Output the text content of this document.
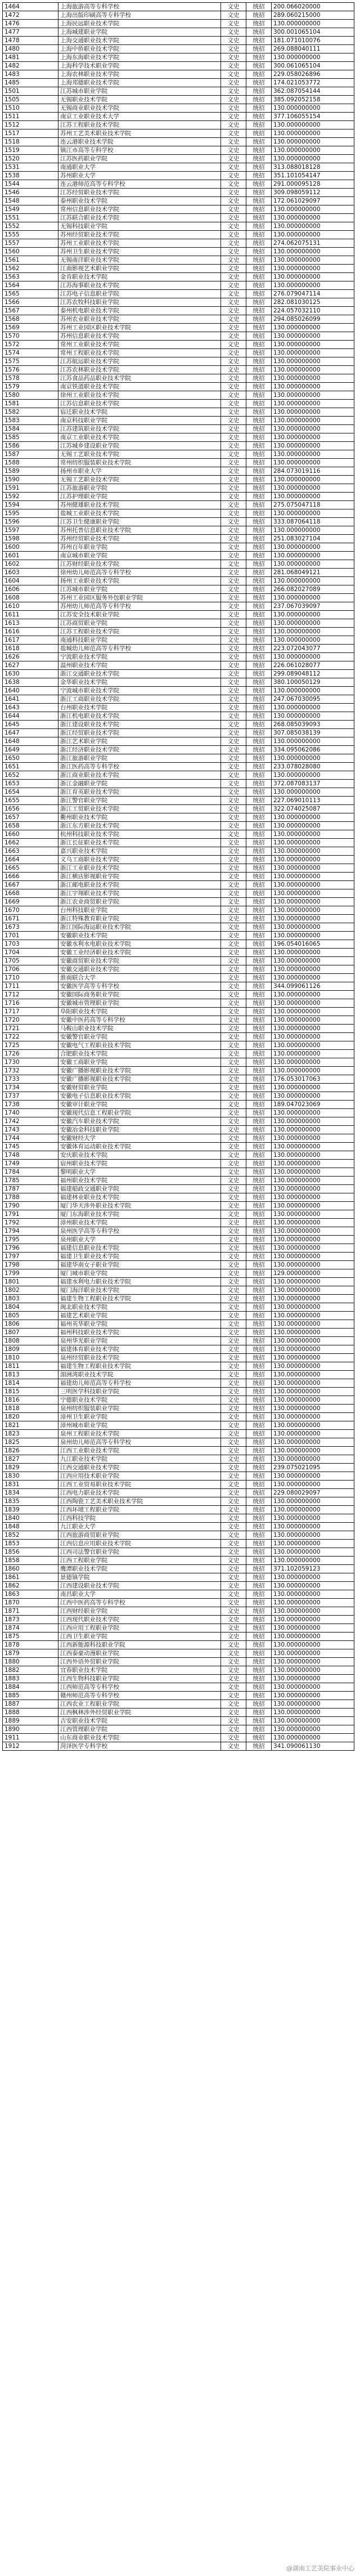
1464	上海旅游高等专科学校	文史	统招	200.066020000
1472	上海出版印刷高等专科学校	文史	统招	289.060215000
1476	上海民远职业技术学院	文史	统招	130.000000000
1477	上海城建职业学院	文史	统招	300.001065104
1478	上海交通职业技术学院	文史	统招	181.071010076
1480	上海中侨职业技术学院	文史	统招	269.088040111
1481	上海东海职业技术学院	文史	统招	130.000000000
1482	上海科学技术职业学院	文史	统招	300.061065104
1483	上海农林职业技术学院	文史	统招	229.058026896
1485	上海邦德职业技术学院	文史	统招	174.021053772
1501	江苏城市职业学院	文史	统招	362.087054144
1505	无锡职业技术学院	文史	统招	385.092052158
1510	无锡商业职业技术学院	文史	统招	130.000000000
1511	南京工业职业技术大学	文史	统招	377.106055154
1512	江苏工程职业技术学院	文史	统招	130.000000000
1517	苏州工艺美术职业技术学院	文史	统招	130.000000000
1518	连云港职业技术学院	文史	统招	130.000000000
1519	镇江市高等专科学校	文史	统招	130.000000000
1520	江苏医药职业学院	文史	统招	130.000000000
1531	南通职业大学	文史	统招	313.088018128
1538	苏州职业大学	文史	统招	351.101054147
1544	连云港师范高等专科学校	文史	统招	291.000095128
1546	江苏经贸职业技术学院	文史	统招	309.098059112
1548	泰州职业技术学院	文史	统招	172.061029097
1549	常州信息职业技术学院	文史	统招	130.000000000
1551	江苏联合职业技术学院	文史	统招	130.000000000
1552	无锡科技职业学院	文史	统招	130.000000000
1555	苏州经贸职业技术学院	文史	统招	130.000000000
1557	苏州工业职业技术学院	文史	统招	274.062075131
1560	苏州卫生职业技术学院	文史	统招	130.000000000
1561	无锡南洋职业技术学院	文史	统招	130.000000000
1562	江南影视艺术职业学院	文史	统招	130.000000000
1563	金肯职业技术学院	文史	统招	130.000000000
1564	江苏海事职业技术学院	文史	统招	130.000000000
1565	江苏电子信息职业学院	文史	统招	276.079047114
1566	江苏农牧科技职业学院	文史	统招	282.081030125
1567	泰州机电职业技术学院	文史	统招	224.057032110
1568	苏州农业职业技术学院	文史	统招	294.085026099
1569	苏州工业园区职业技术学院	文史	统招	130.000000000
1570	苏州信息职业技术学院	文史	统招	130.000000000
1572	常州工业职业技术学院	文史	统招	130.000000000
1574	常州工程职业技术学院	文史	统招	130.000000000
1575	江苏航运职业技术学院	文史	统招	130.000000000
1576	江苏农林职业技术学院	文史	统招	130.000000000
1578	江苏食品药品职业技术学院	文史	统招	130.000000000
1579	南京铁道职业技术学院	文史	统招	130.000000000
1580	徐州工业职业技术学院	文史	统招	130.000000000
1581	江苏信息职业技术学院	文史	统招	130.000000000
1582	宿迁职业技术学院	文史	统招	130.000000000
1583	南京科技职业学院	文史	统招	130.000000000
1584	江苏建筑职业技术学院	文史	统招	130.000000000
1585	南京工业职业技术学院	文史	统招	130.000000000
1586	江苏城乡建设职业学院	文史	统招	130.000000000
1587	无锡工艺职业技术学院	文史	统招	130.000000000
1588	常州纺织服装职业技术学院	文史	统招	130.000000000
1589	扬州市职业大学	文史	统招	284.073019116
1590	无锡工艺职业技术学院	文史	统招	130.000000000
1591	江苏旅游职业学院	文史	统招	130.000000000
1592	江苏护理职业学院	文史	统招	130.000000000
1594	苏州健雄职业技术学院	文史	统招	275.075047118
1595	盐城工业职业技术学院	文史	统招	130.000000000
1596	江苏卫生健康职业学院	文史	统招	333.087064118
1597	苏州托普信息职业技术学院	文史	统招	130.000000000
1598	苏州经贸职业技术学院	文史	统招	251.083027104
1600	苏州百年职业学院	文史	统招	130.000000000
1601	南京城市职业学院	文史	统招	130.000000000
1602	江苏财经职业技术学院	文史	统招	130.000000000
1603	徐州幼儿师范高等专科学校	文史	统招	281.068049121
1604	扬州工业职业技术学院	文史	统招	130.000000000
1606	江苏城市职业学院	文史	统招	266.082027089
1608	苏州工业园区服务外包职业学院	文史	统招	130.000000000
1610	苏州幼儿师范高等专科学校	文史	统招	237.067039097
1611	江苏安全技术职业学院	文史	统招	130.000000000
1613	江苏商贸职业学院	文史	统招	130.000000000
1616	江苏工程职业技术学院	文史	统招	130.000000000
1617	南通科技职业学院	文史	统招	130.000000000
1618	盐城幼儿师范高等专科学校	文史	统招	223.072043077
1626	宁波职业技术学院	文史	统招	130.000000000
1627	温州职业技术学院	文史	统招	226.061028077
1630	浙江交通职业技术学院	文史	统招	299.089048112
1638	金华职业技术学院	文史	统招	380.100050129
1640	宁波城市职业技术学院	文史	统招	130.000000000
1641	浙江工商职业技术学院	文史	统招	247.067030095
1643	台州职业技术学院	文史	统招	130.000000000
1644	浙江机电职业技术学院	文史	统招	130.000000000
1645	浙江建设职业技术学院	文史	统招	268.085039093
1647	浙江经贸职业技术学院	文史	统招	307.085038139
1648	浙江艺术职业学院	文史	统招	130.000000000
1649	浙江经济职业技术学院	文史	统招	334.095062086
1650	浙江旅游职业学院	文史	统招	130.000000000
1651	浙江医药高等专科学校	文史	统招	233.078028080
1652	浙江商业职业技术学院	文史	统招	130.000000000
1653	浙江金融职业学院	文史	统招	372.087083137
1654	浙江育英职业技术学院	文史	统招	130.000000000
1655	浙江警官职业学院	文史	统招	227.069010113
1656	浙江工贸职业技术学院	文史	统招	322.074025087
1657	衢州职业技术学院	文史	统招	130.000000000
1658	浙江东方职业技术学院	文史	统招	130.000000000
1660	杭州科技职业技术学院	文史	统招	130.000000000
1662	浙江长征职业技术学院	文史	统招	130.000000000
1663	嘉兴职业技术学院	文史	统招	130.000000000
1664	义乌工商职业技术学院	文史	统招	130.000000000
1665	浙江工业职业技术学院	文史	统招	130.000000000
1666	浙江横店影视职业学院	文史	统招	130.000000000
1667	浙江邮电职业技术学院	文史	统招	130.000000000
1668	浙江宇翔职业技术学院	文史	统招	130.000000000
1669	浙江农业商贸职业学院	文史	统招	130.000000000
1670	台州科技职业学院	文史	统招	130.000000000
1671	浙江特殊教育职业学院	文史	统招	130.000000000
1673	浙江国际海运职业技术学院	文史	统招	130.000000000
1701	安徽职业技术学院	文史	统招	130.000000000
1703	安徽水利水电职业技术学院	文史	统招	196.054016065
1704	安徽工业经济职业技术学院	文史	统招	130.000000000
1705	安徽商贸职业技术学院	文史	统招	130.000000000
1706	安徽交通职业技术学院	文史	统招	130.000000000
1710	淮南联合大学	文史	统招	130.000000000
1711	安徽医学高等专科学校	文史	统招	344.099061126
1712	安徽国际商务职业学院	文史	统招	130.000000000
1716	安徽城市管理职业学院	文史	统招	130.000000000
1717	阜阳职业技术学院	文史	统招	130.000000000
1720	安徽中医药高等专科学校	文史	统招	130.000000000
1721	马鞍山职业技术学院	文史	统招	130.000000000
1722	安徽警官职业学院	文史	统招	130.000000000
1725	安徽电气工程职业技术学院	文史	统招	130.000000000
1726	合肥职业技术学院	文史	统招	130.000000000
1730	安徽工商职业学院	文史	统招	130.000000000
1732	安徽广播影视职业技术学院	文史	统招	130.000000000
1733	安徽广播影视职业技术学院	文史	统招	176.053017063
1734	安徽财贸职业学院	文史	统招	130.000000000
1737	安徽电子信息职业技术学院	文史	统招	130.000000000
1738	安徽审计职业学院	文史	统招	189.047023069
1740	安徽现代信息工程职业学院	文史	统招	130.000000000
1742	安徽汽车职业技术学院	文史	统招	130.000000000
1743	安徽冶金科技职业学院	文史	统招	130.000000000
1744	安徽财经大学	文史	统招	130.000000000
1745	安徽体育运动职业技术学院	文史	统招	130.000000000
1748	安庆职业技术学院	文史	统招	130.000000000
1749	宿州职业技术学院	文史	统招	130.000000000
1784	黎明职业大学	文史	统招	130.000000000
1785	福州职业技术学院	文史	统招	130.000000000
1787	福建船政交通职业学院	文史	统招	130.000000000
1788	福建林业职业技术学院	文史	统招	130.000000000
1790	厦门华天涉外职业技术学院	文史	统招	130.000000000
1791	厦门东海职业技术学院	文史	统招	130.000000000
1792	漳州职业技术学院	文史	统招	130.000000000
1794	泉州医学高等专科学校	文史	统招	130.000000000
1795	泉州职业大学	文史	统招	130.000000000
1796	福建信息职业技术学院	文史	统招	130.000000000
1797	福建卫生职业技术学院	文史	统招	130.000000000
1798	福建华南女子职业学院	文史	统招	130.000000000
1799	厦门城市职业学院	文史	统招	129.000000000
1801	福建水利电力职业技术学院	文史	统招	130.000000000
1802	厦门海洋职业技术学院	文史	统招	130.000000000
1803	福建生物工程职业技术学院	文史	统招	130.000000000
1804	闽北职业技术学院	文史	统招	130.000000000
1805	福建艺术职业学院	文史	统招	130.000000000
1806	福州英华职业学院	文史	统招	130.000000000
1807	福州科技职业技术学院	文史	统招	130.000000000
1808	泉州华光职业学院	文史	统招	130.000000000
1809	福建体育职业技术学院	文史	统招	130.000000000
1810	泉州经贸职业技术学院	文史	统招	130.000000000
1811	福建生物工程职业技术学院	文史	统招	130.000000000
1813	湄洲湾职业技术学院	文史	统招	130.000000000
1814	福建幼儿师范高等专科学校	文史	统招	130.000000000
1815	三明医学科技职业学院	文史	统招	130.000000000
1816	宁德职业技术学院	文史	统招	130.000000000
1818	泉州纺织服装职业学院	文史	统招	130.000000000
1820	漳州卫生职业学院	文史	统招	130.000000000
1821	漳州城市职业学院	文史	统招	130.000000000
1823	泉州工程职业技术学院	文史	统招	130.000000000
1825	泉州幼儿师范高等专科学校	文史	统招	130.000000000
1826	江西工业职业技术学院	文史	统招	130.000000000
1827	九江职业技术学院	文史	统招	130.000000000
1829	江西交通职业技术学院	文史	统招	239.075021095
1830	江西应用技术职业学院	文史	统招	130.000000000
1831	江西工业贸易职业技术学院	文史	统招	130.000000000
1834	江西电力职业技术学院	文史	统招	229.080029097
1835	江西陶瓷工艺美术职业技术学院	文史	统招	130.000000000
1839	江西环境工程职业学院	文史	统招	130.000000000
1840	江西科技学院	文史	统招	130.000000000
1848	九江职业大学	文史	统招	130.000000000
1852	江西旅游商贸职业学院	文史	统招	130.000000000
1853	江西信息应用职业技术学院	文史	统招	130.000000000
1856	江西司法警官职业学院	文史	统招	130.000000000
1858	江西工程职业学院	文史	统招	130.000000000
1860	鹰潭职业技术学院	文史	统招	371.102059123
1861	景德镇学院	文史	统招	130.000000000
1862	江西建设职业技术学院	文史	统招	130.000000000
1863	南昌职业大学	文史	统招	130.000000000
1870	江西中医药高等专科学校	文史	统招	130.000000000
1871	江西财经职业学院	文史	统招	130.000000000
1873	江西现代职业技术学院	文史	统招	130.000000000
1874	江西应用工程职业学院	文史	统招	130.000000000
1875	江西卫生职业学院	文史	统招	130.000000000
1878	江西新能源科技职业学院	文史	统招	130.000000000
1879	江西泰豪动漫职业学院	文史	统招	130.000000000
1880	江西外语外贸职业学院	文史	统招	130.000000000
1882	宜春职业技术学院	文史	统招	130.000000000
1883	江西生物科技职业学院	文史	统招	130.000000000
1884	江西师范高等专科学校	文史	统招	130.000000000
1885	赣州师范高等专科学校	文史	统招	130.000000000
1887	江西农业工程职业学院	文史	统招	130.000000000
1888	江西枫林涉外经贸职业学院	文史	统招	130.000000000
1889	吉安职业技术学院	文史	统招	130.000000000
1890	江西管理职业学院	文史	统招	130.000000000
1911	山东商业职业技术学院	文史	统招	130.000000000
1912	菏泽医学专科学校	文史	统招	341.090061130
@湖南工艺美院事业中心
